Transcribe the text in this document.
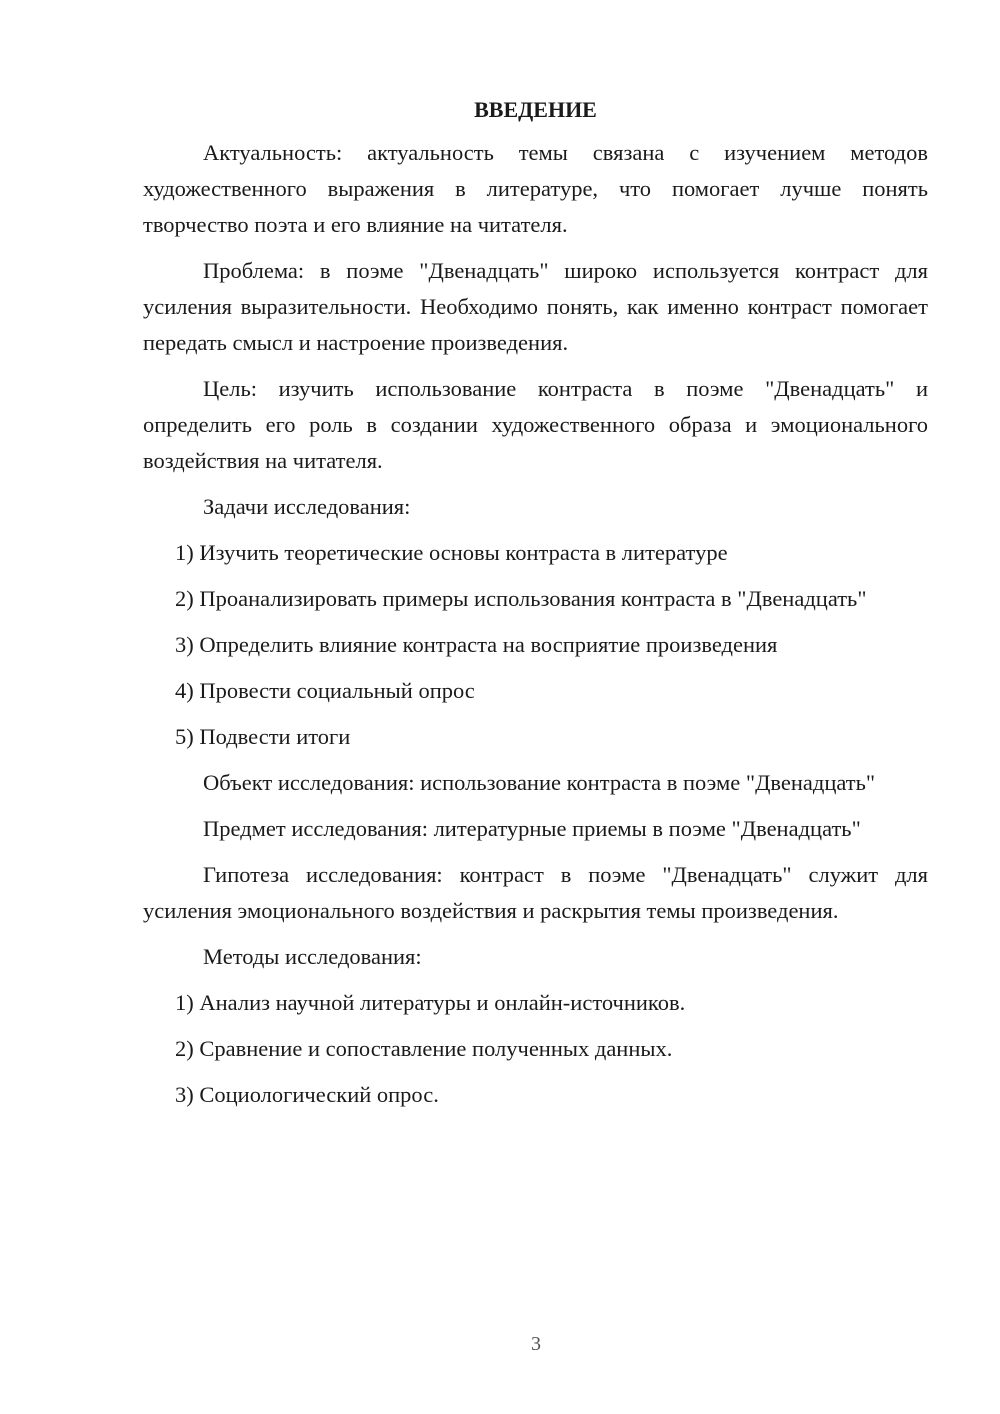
ВВЕДЕНИЕ

Актуальность: актуальность темы связана с изучением методов художественного выражения в литературе, что помогает лучше понять творчество поэта и его влияние на читателя.

Проблема: в поэме "Двенадцать" широко используется контраст для усиления выразительности. Необходимо понять, как именно контраст помогает передать смысл и настроение произведения.

Цель: изучить использование контраста в поэме "Двенадцать" и определить его роль в создании художественного образа и эмоционального воздействия на читателя.

Задачи исследования:

1) Изучить теоретические основы контраста в литературе

2) Проанализировать примеры использования контраста в "Двенадцать"

3) Определить влияние контраста на восприятие произведения

4) Провести социальный опрос

5) Подвести итоги

Объект исследования: использование контраста в поэме "Двенадцать"

Предмет исследования: литературные приемы в поэме "Двенадцать"

Гипотеза исследования: контраст в поэме "Двенадцать" служит для усиления эмоционального воздействия и раскрытия темы произведения.

Методы исследования:

1) Анализ научной литературы и онлайн-источников.

2) Сравнение и сопоставление полученных данных.

3) Социологический опрос.

3
